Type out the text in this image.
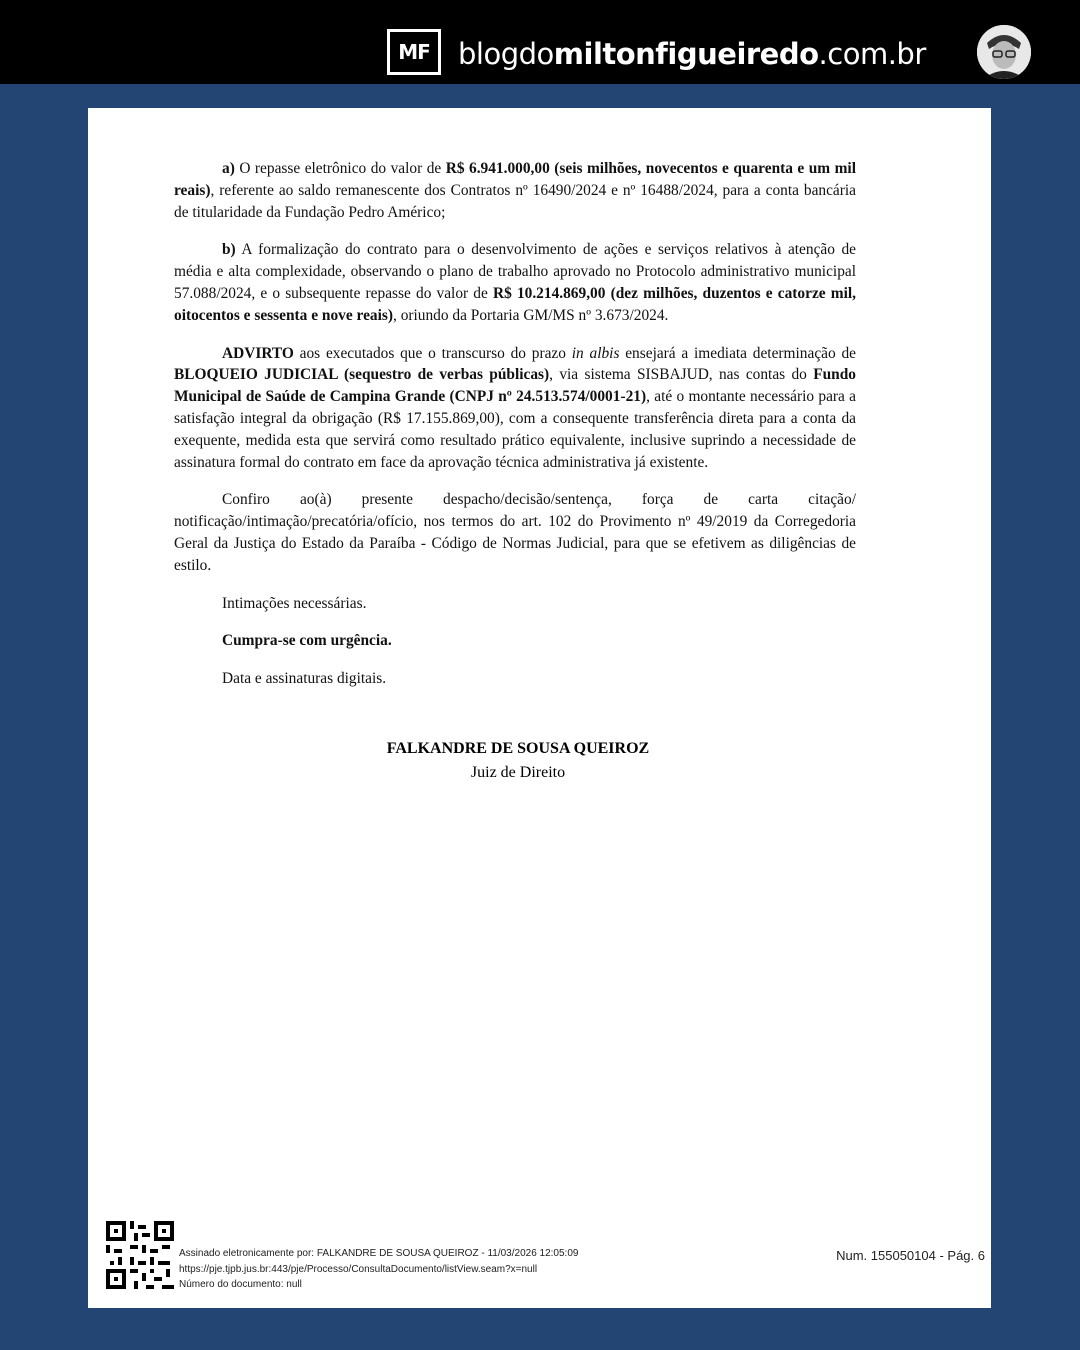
MF blogdomiltonfigueiredo.com.br

a) O repasse eletrônico do valor de R$ 6.941.000,00 (seis milhões, novecentos e quarenta e um mil reais), referente ao saldo remanescente dos Contratos nº 16490/2024 e nº 16488/2024, para a conta bancária de titularidade da Fundação Pedro Américo;

b) A formalização do contrato para o desenvolvimento de ações e serviços relativos à atenção de média e alta complexidade, observando o plano de trabalho aprovado no Protocolo administrativo municipal 57.088/2024, e o subsequente repasse do valor de R$ 10.214.869,00 (dez milhões, duzentos e catorze mil, oitocentos e sessenta e nove reais), oriundo da Portaria GM/MS nº 3.673/2024.

ADVIRTO aos executados que o transcurso do prazo in albis ensejará a imediata determinação de BLOQUEIO JUDICIAL (sequestro de verbas públicas), via sistema SISBAJUD, nas contas do Fundo Municipal de Saúde de Campina Grande (CNPJ nº 24.513.574/0001-21), até o montante necessário para a satisfação integral da obrigação (R$ 17.155.869,00), com a consequente transferência direta para a conta da exequente, medida esta que servirá como resultado prático equivalente, inclusive suprindo a necessidade de assinatura formal do contrato em face da aprovação técnica administrativa já existente.

Confiro ao(à) presente despacho/decisão/sentença, força de carta citação/

notificação/intimação/precatória/ofício, nos termos do art. 102 do Provimento nº 49/2019 da Corregedoria Geral da Justiça do Estado da Paraíba - Código de Normas Judicial, para que se efetivem as diligências de estilo.

Intimações necessárias.

Cumpra-se com urgência.

Data e assinaturas digitais.

FALKANDRE DE SOUSA QUEIROZ
Juiz de Direito
Assinado eletronicamente por: FALKANDRE DE SOUSA QUEIROZ - 11/03/2026 12:05:09
https://pje.tjpb.jus.br:443/pje/Processo/ConsultaDocumento/listView.seam?x=null
Número do documento: null
Num. 155050104 - Pág. 6
